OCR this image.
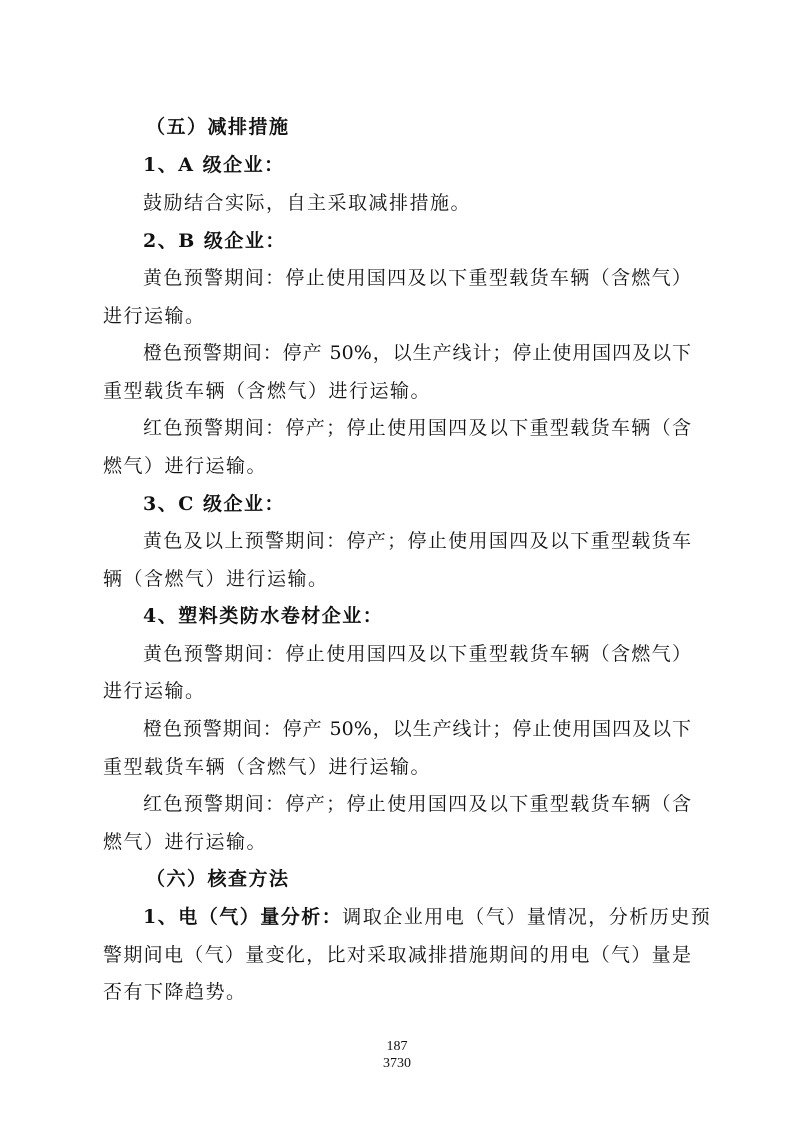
（五）减排措施
1、A 级企业：
鼓励结合实际，自主采取减排措施。
2、B 级企业：
黄色预警期间：停止使用国四及以下重型载货车辆（含燃气）
进行运输。
橙色预警期间：停产 50%，以生产线计；停止使用国四及以下
重型载货车辆（含燃气）进行运输。
红色预警期间：停产；停止使用国四及以下重型载货车辆（含
燃气）进行运输。
3、C 级企业：
黄色及以上预警期间：停产；停止使用国四及以下重型载货车
辆（含燃气）进行运输。
4、塑料类防水卷材企业：
黄色预警期间：停止使用国四及以下重型载货车辆（含燃气）
进行运输。
橙色预警期间：停产 50%，以生产线计；停止使用国四及以下
重型载货车辆（含燃气）进行运输。
红色预警期间：停产；停止使用国四及以下重型载货车辆（含
燃气）进行运输。
（六）核查方法
1、电（气）量分析： 调取企业用电（气）量情况，分析历史预
警期间电（气）量变化，比对采取减排措施期间的用电（气）量是
否有下降趋势。
187
3730
